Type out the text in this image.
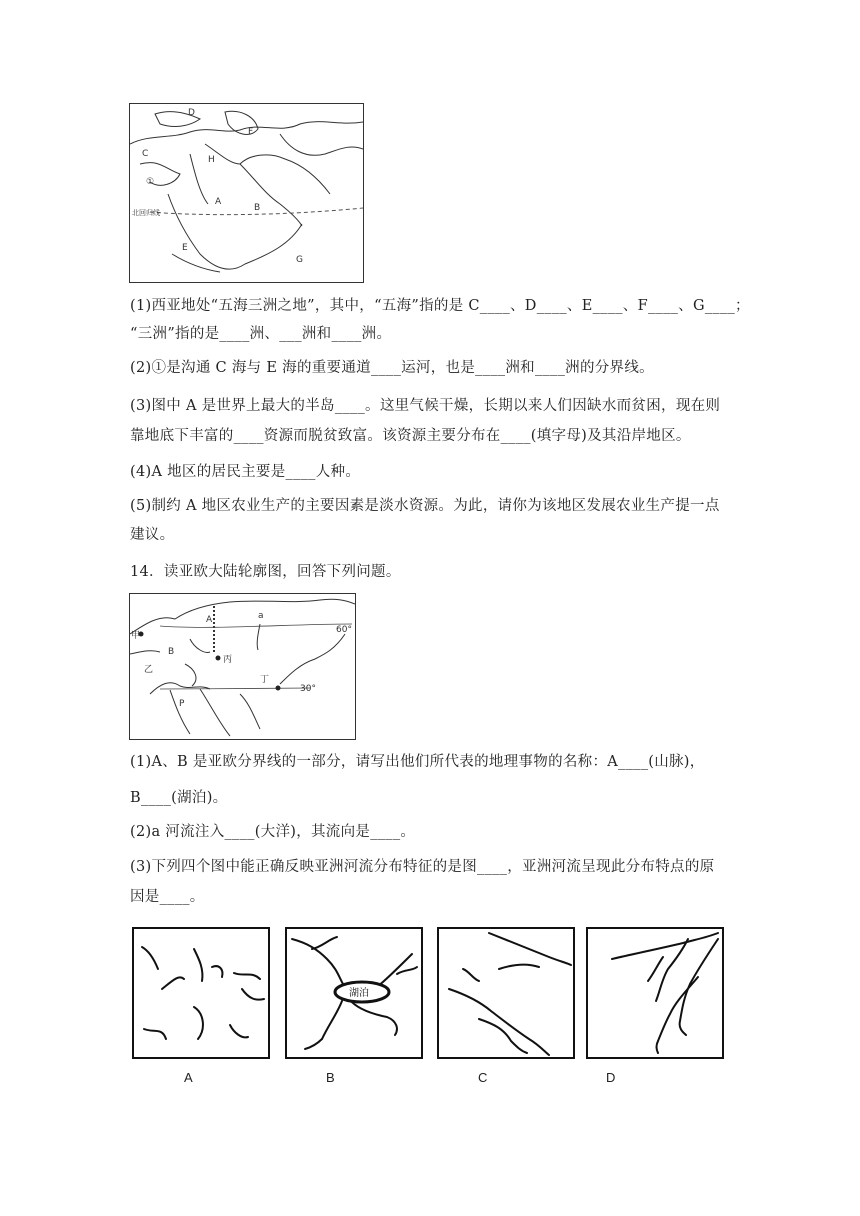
D
F
C
H
①
A
B
北回归线
E
G
(1)西亚地处“五海三洲之地”，其中，“五海”指的是 C____、D____、E____、F____、G____；
“三洲”指的是____洲、___洲和____洲。
(2)①是沟通 C 海与 E 海的重要通道____运河，也是____洲和____洲的分界线。
(3)图中 A 是世界上最大的半岛____。这里气候干燥，长期以来人们因缺水而贫困，现在则
靠地底下丰富的____资源而脱贫致富。该资源主要分布在____(填字母)及其沿岸地区。
(4)A 地区的居民主要是____人种。
(5)制约 A 地区农业生产的主要因素是淡水资源。为此，请你为该地区发展农业生产提一点
建议。
14．读亚欧大陆轮廓图，回答下列问题。
A	a
甲
60°
B
丙
乙
丁
30°
P
(1)A、B 是亚欧分界线的一部分，请写出他们所代表的地理事物的名称：A____(山脉)，
B____(湖泊)。
(2)a 河流注入____(大洋)，其流向是____。
(3)下列四个图中能正确反映亚洲河流分布特征的是图____，亚洲河流呈现此分布特点的原
因是____。
湖泊
A	B	C	D
